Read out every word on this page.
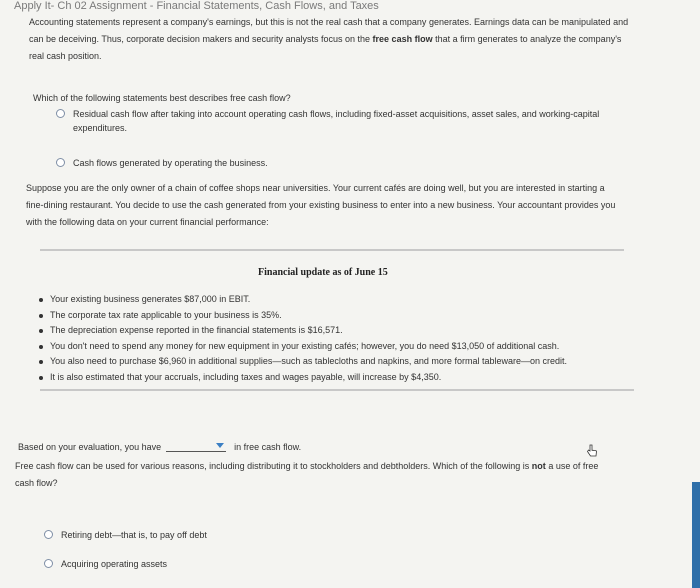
Apply It- Ch 02 Assignment - Financial Statements, Cash Flows, and Taxes
Accounting statements represent a company's earnings, but this is not the real cash that a company generates. Earnings data can be manipulated and
can be deceiving. Thus, corporate decision makers and security analysts focus on the free cash flow that a firm generates to analyze the company's
real cash position.
Which of the following statements best describes free cash flow?
Residual cash flow after taking into account operating cash flows, including fixed-asset acquisitions, asset sales, and working-capital
expenditures.
Cash flows generated by operating the business.
Suppose you are the only owner of a chain of coffee shops near universities. Your current cafés are doing well, but you are interested in starting a
fine-dining restaurant. You decide to use the cash generated from your existing business to enter into a new business. Your accountant provides you
with the following data on your current financial performance:
Financial update as of June 15
Your existing business generates $87,000 in EBIT.
The corporate tax rate applicable to your business is 35%.
The depreciation expense reported in the financial statements is $16,571.
You don't need to spend any money for new equipment in your existing cafés; however, you do need $13,050 of additional cash.
You also need to purchase $6,960 in additional supplies—such as tablecloths and napkins, and more formal tableware—on credit.
It is also estimated that your accruals, including taxes and wages payable, will increase by $4,350.
Based on your evaluation, you have	in free cash flow.
Free cash flow can be used for various reasons, including distributing it to stockholders and debtholders. Which of the following is not a use of free
cash flow?
Retiring debt—that is, to pay off debt
Acquiring operating assets
